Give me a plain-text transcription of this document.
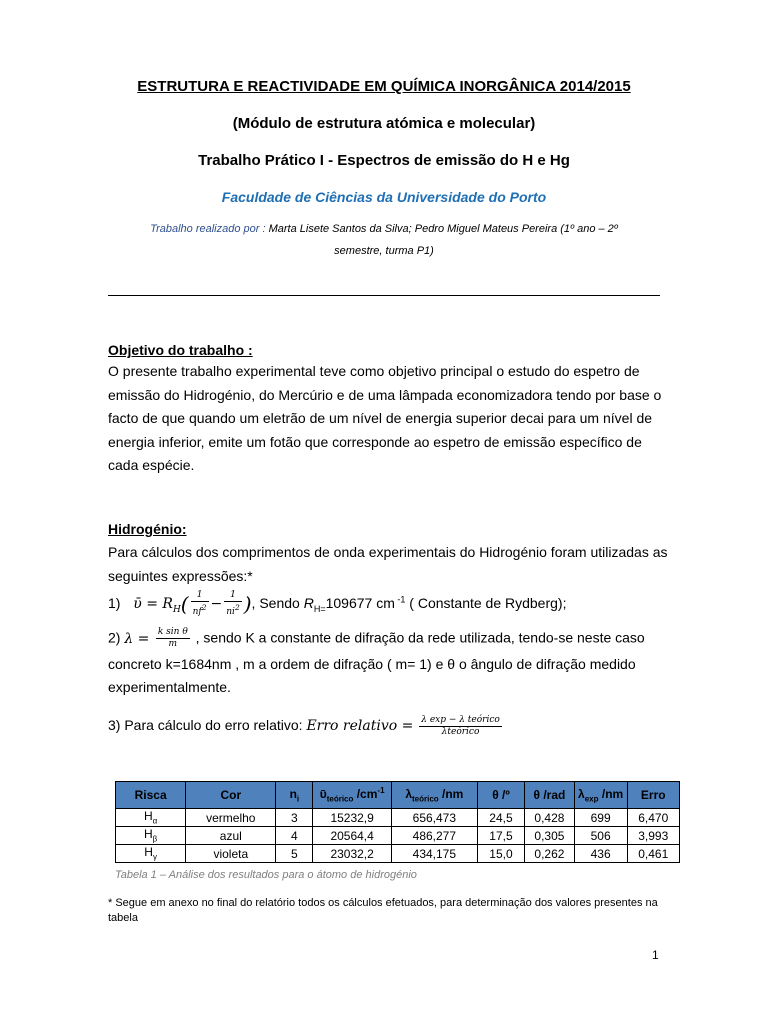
ESTRUTURA E REACTIVIDADE EM QUÍMICA INORGÂNICA 2014/2015
(Módulo de estrutura atómica e molecular)
Trabalho Prático I - Espectros de emissão do H e Hg
Faculdade de Ciências da Universidade do Porto
Trabalho realizado por : Marta Lisete Santos da Silva; Pedro Miguel Mateus Pereira (1º ano – 2º
semestre, turma P1)
Objetivo do trabalho :
O presente trabalho experimental teve como objetivo principal o estudo do espetro de emissão do Hidrogénio, do Mercúrio e de uma lâmpada economizadora tendo por base o facto de que quando um eletrão de um nível de energia superior decai para um nível de energia inferior, emite um fotão que corresponde ao espetro de emissão específico de cada espécie.
Hidrogénio:
Para cálculos dos comprimentos de onda experimentais do Hidrogénio foram utilizadas as seguintes expressões:*
1)   ῡ = $R_H( \frac{1}{nf^2} - \frac{1}{ni^2}$ ), Sendo $R_{H=}109677$ cm $^{-1}$ ( Constante de Rydberg);
2) $\lambda = \frac{\text{k sin θ}}{m}$ , sendo K a constante de difração da rede utilizada, tendo-se neste caso
concreto k=1684nm , m a ordem de difração ( m= 1) e θ o ângulo de difração medido
experimentalmente.
3) Para cálculo do erro relativo: Erro relativo = $\frac{\text{λ exp − λ teórico}}{\text{λteórico}}$
Risca	Cor	$n_i$	ῡ$_{teórico}$ $/cm^{-1}$	$\lambda_{teórico}$ /nm	θ /º	θ /rad	$\lambda_{exp}$ /nm	Erro
$H_\alpha$	vermelho	3	15232,9	656,473	24,5	0,428	699	6,470
$H_\beta$	azul	4	20564,4	486,277	17,5	0,305	506	3,993
$H_\gamma$	violeta	5	23032,2	434,175	15,0	0,262	436	0,461
Tabela 1 – Análise dos resultados para o átomo de hidrogénio
* Segue em anexo no final do relatório todos os cálculos efetuados, para determinação dos valores presentes na tabela
1
